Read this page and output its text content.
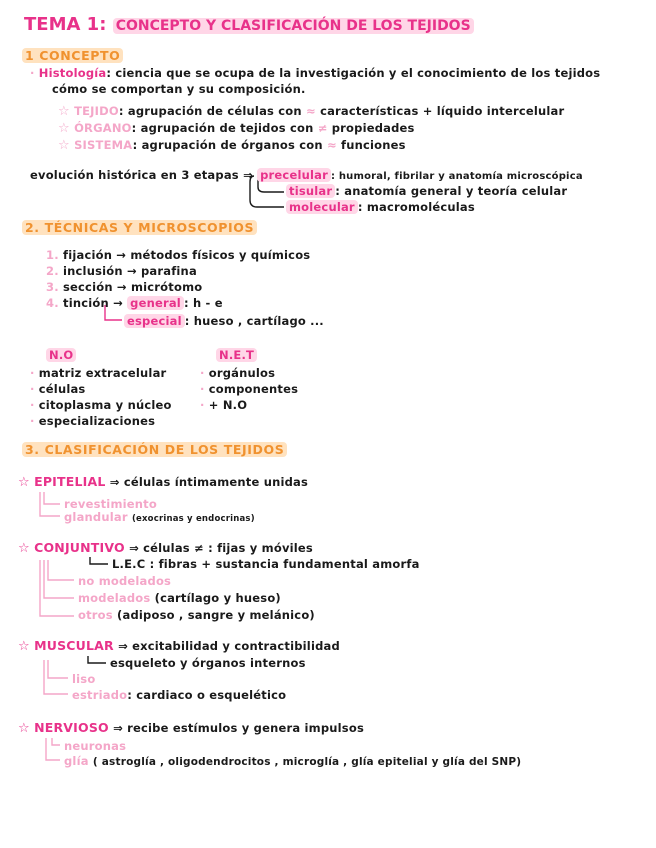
TEMA 1: CONCEPTO Y CLASIFICACIÓN DE LOS TEJIDOS
1 CONCEPTO
· Histología: ciencia que se ocupa de la investigación y el conocimiento de los tejidos
cómo se comportan y su composición.
☆ TEJIDO: agrupación de células con ≈ características + líquido intercelular
☆ ÓRGANO: agrupación de tejidos con ≠ propiedades
☆ SISTEMA: agrupación de órganos con ≈ funciones
evolución histórica en 3 etapas ⇒ precelular : humoral, fibrilar y anatomía microscópica
tisular : anatomía general y teoría celular
molecular : macromoléculas
2. TÉCNICAS Y MICROSCOPIOS
1. fijación → métodos físicos y químicos
2. inclusión → parafina
3. sección → micrótomo
4. tinción → general : h - e
especial : hueso , cartílago ...
N.O	N.E.T
· matriz extracelular
· células
· citoplasma y núcleo
· especializaciones
· orgánulos
· componentes
· + N.O
3. CLASIFICACIÓN DE LOS TEJIDOS
☆ EPITELIAL ⇒ células íntimamente unidas
revestimiento
glandular (exocrinas y endocrinas)
☆ CONJUNTIVO ⇒ células ≠ : fijas y móviles
L.E.C : fibras + sustancia fundamental amorfa
no modelados
modelados (cartílago y hueso)
otros (adiposo , sangre y melánico)
☆ MUSCULAR ⇒ excitabilidad y contractibilidad
esqueleto y órganos internos
liso
estriado: cardiaco o esquelético
☆ NERVIOSO ⇒ recibe estímulos y genera impulsos
neuronas
glía ( astroglía , oligodendrocitos , microglía , glía epitelial y glía del SNP)
